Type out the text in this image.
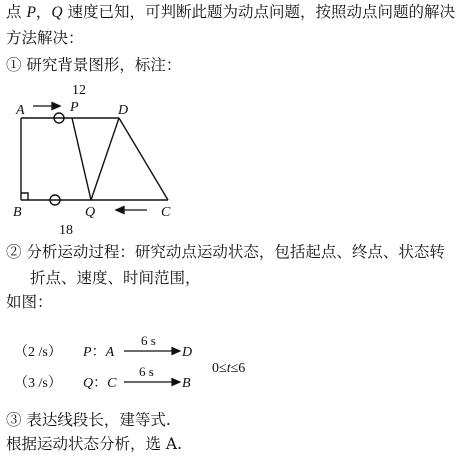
点 P，Q 速度已知，可判断此题为动点问题，按照动点问题的解决
方法解决：
① 研究背景图形，标注：
A	P	D
B	Q	C
12
18
② 分析运动过程：研究动点运动状态，包括起点、终点、状态转
折点、速度、时间范围，
如图：
（2 /s） P：A
6 s
D
（3 /s） Q：C
6 s
B
0≤t≤6
③ 表达线段长，建等式.
根据运动状态分析，选 A.
